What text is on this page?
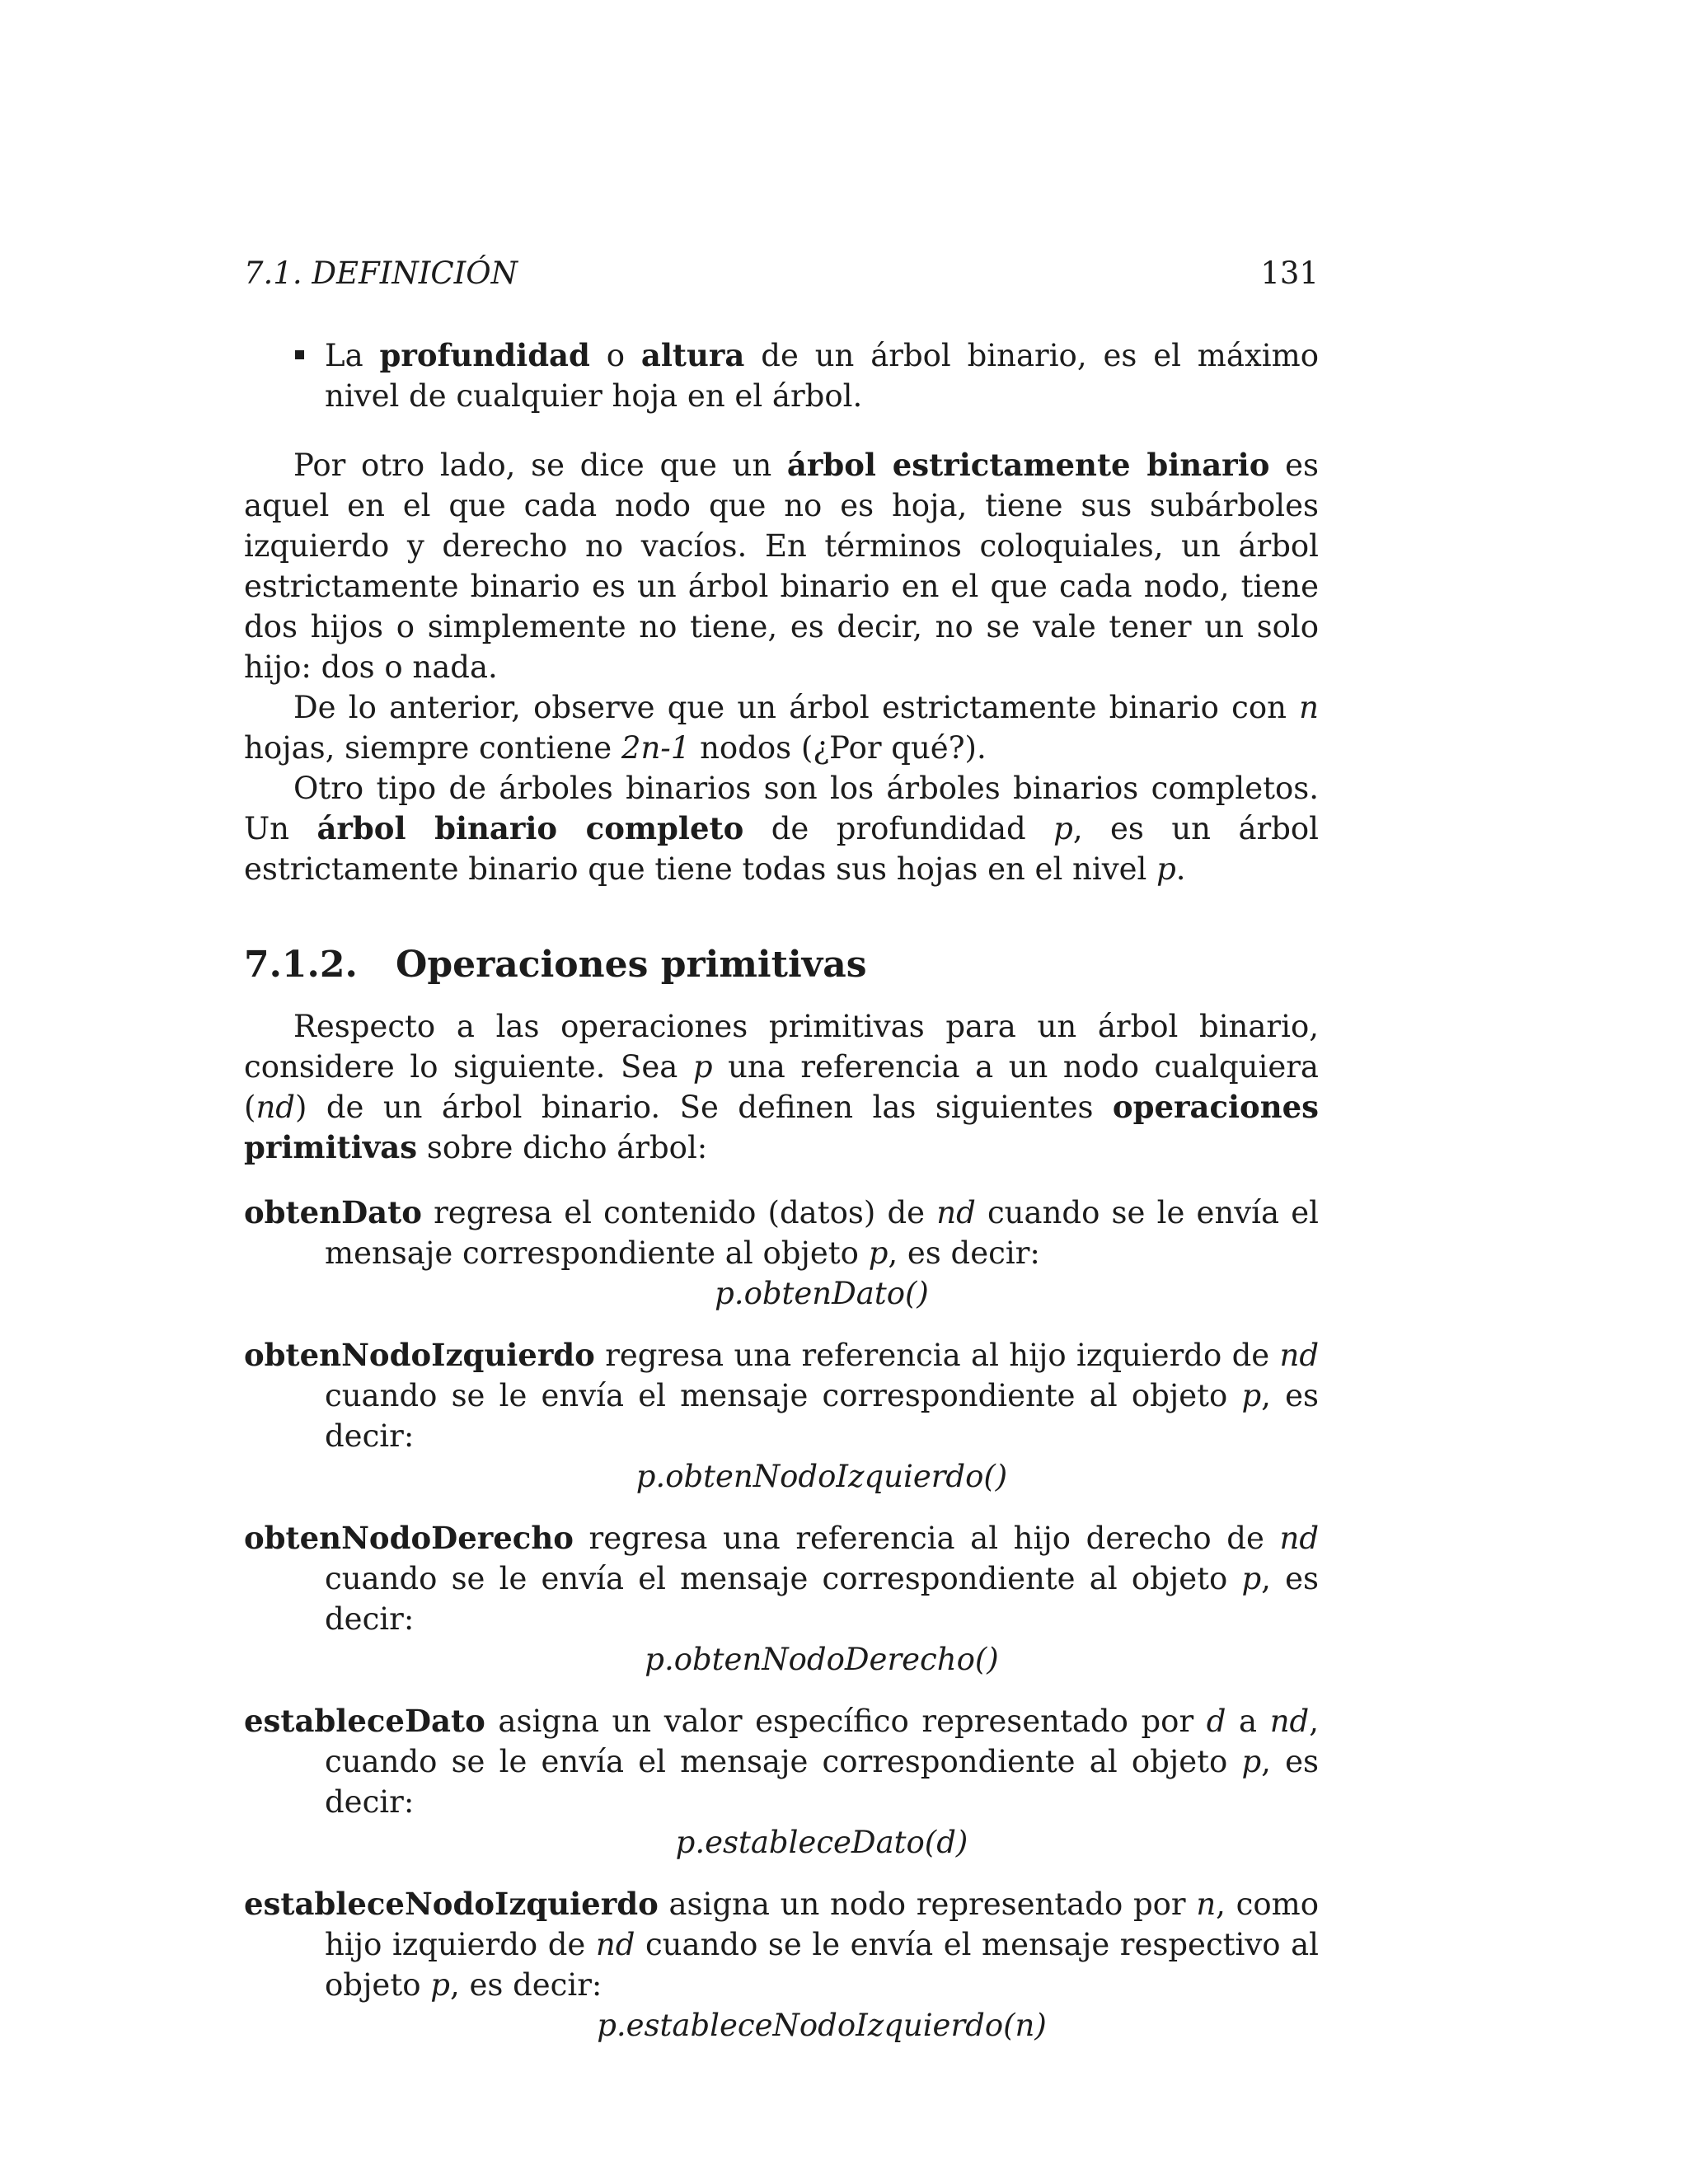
7.1. DEFINICIÓN	131
La profundidad o altura de un árbol binario, es el máximo nivel de cualquier hoja en el árbol.

Por otro lado, se dice que un árbol estrictamente binario es aquel en el que cada nodo que no es hoja, tiene sus subárboles izquierdo y derecho no vacíos. En términos coloquiales, un árbol estrictamente binario es un árbol binario en el que cada nodo, tiene dos hijos o simplemente no tiene, es decir, no se vale tener un solo hijo: dos o nada.

De lo anterior, observe que un árbol estrictamente binario con n hojas, siempre contiene 2n-1 nodos (¿Por qué?).

Otro tipo de árboles binarios son los árboles binarios completos. Un árbol binario completo de profundidad p, es un árbol estrictamente binario que tiene todas sus hojas en el nivel p.

7.1.2. Operaciones primitivas

Respecto a las operaciones primitivas para un árbol binario, considere lo siguiente. Sea p una referencia a un nodo cualquiera (nd) de un árbol binario. Se definen las siguientes operaciones primitivas sobre dicho árbol:

obtenDato regresa el contenido (datos) de nd cuando se le envía el mensaje correspondiente al objeto p, es decir:
p.obtenDato()
obtenNodoIzquierdo regresa una referencia al hijo izquierdo de nd cuando se le envía el mensaje correspondiente al objeto p, es decir:
p.obtenNodoIzquierdo()
obtenNodoDerecho regresa una referencia al hijo derecho de nd cuando se le envía el mensaje correspondiente al objeto p, es decir:
p.obtenNodoDerecho()
estableceDato asigna un valor específico representado por d a nd, cuando se le envía el mensaje correspondiente al objeto p, es decir:
p.estableceDato(d)
estableceNodoIzquierdo asigna un nodo representado por n, como hijo izquierdo de nd cuando se le envía el mensaje respectivo al objeto p, es decir:
p.estableceNodoIzquierdo(n)
